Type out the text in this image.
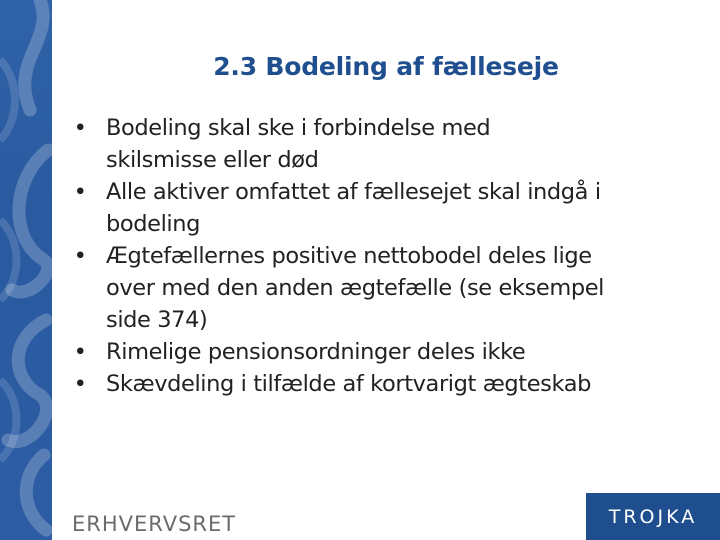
2.3 Bodeling af fælleseje
• Bodeling skal ske i forbindelse med
skilsmisse eller død
• Alle aktiver omfattet af fællesejet skal indgå i
bodeling
• Ægtefællernes positive nettobodel deles lige
over med den anden ægtefælle (se eksempel
side 374)
• Rimelige pensionsordninger deles ikke
• Skævdeling i tilfælde af kortvarigt ægteskab
ERHVERVSRET	TROJKA
